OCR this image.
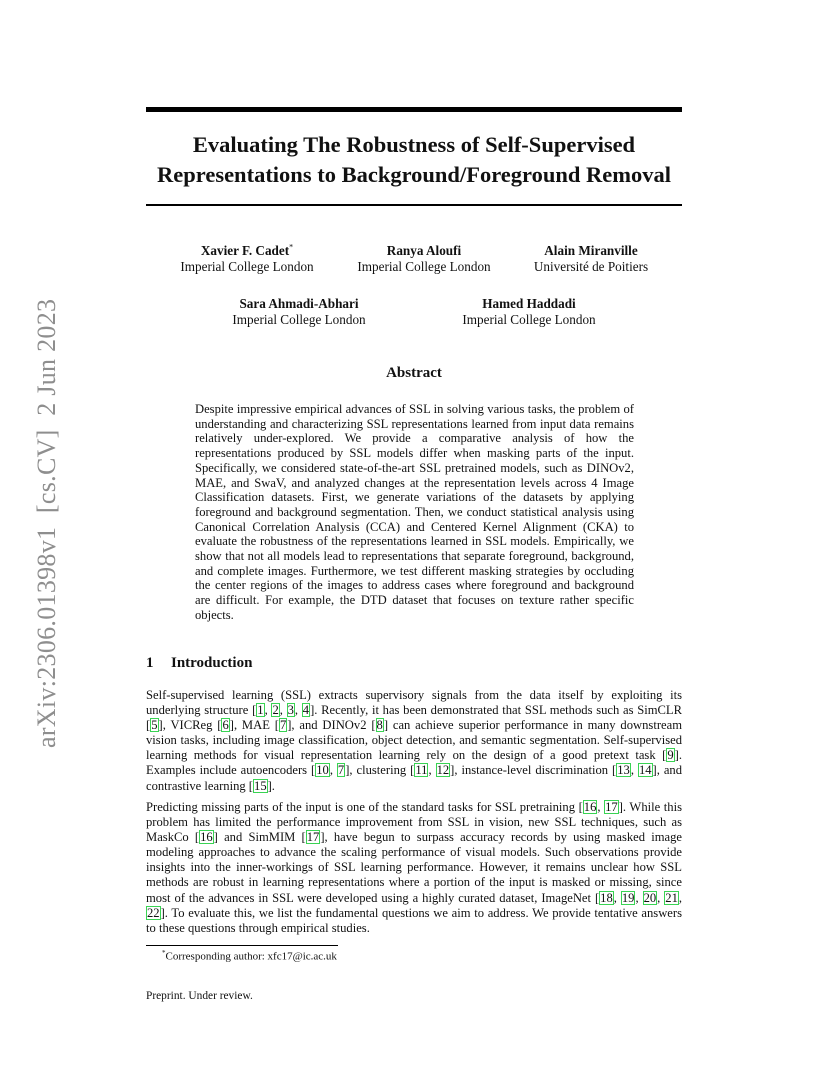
Evaluating The Robustness of Self-Supervised
Representations to Background/Foreground Removal
Xavier F. Cadet*
Imperial College London
Ranya Aloufi
Imperial College London
Alain Miranville
Université de Poitiers
Sara Ahmadi-Abhari
Imperial College London
Hamed Haddadi
Imperial College London
arXiv:2306.01398v1  [cs.CV]  2 Jun 2023	Abstract
Despite impressive empirical advances of SSL in solving various tasks, the problem of understanding and characterizing SSL representations learned from input data remains relatively under-explored. We provide a comparative analysis of how the representations produced by SSL models differ when masking parts of the input. Specifically, we considered state-of-the-art SSL pretrained models, such as DINOv2, MAE, and SwaV, and analyzed changes at the representation levels across 4 Image Classification datasets. First, we generate variations of the datasets by applying foreground and background segmentation. Then, we conduct statistical analysis using Canonical Correlation Analysis (CCA) and Centered Kernel Alignment (CKA) to evaluate the robustness of the representations learned in SSL models. Empirically, we show that not all models lead to representations that separate foreground, background, and complete images. Furthermore, we test different masking strategies by occluding the center regions of the images to address cases where foreground and background are difficult. For example, the DTD dataset that focuses on texture rather specific objects.
1 Introduction
Self-supervised learning (SSL) extracts supervisory signals from the data itself by exploiting its underlying structure [1, 2, 3, 4]. Recently, it has been demonstrated that SSL methods such as SimCLR [5], VICReg [6], MAE [7], and DINOv2 [8] can achieve superior performance in many downstream vision tasks, including image classification, object detection, and semantic segmentation. Self-supervised learning methods for visual representation learning rely on the design of a good pretext task [9]. Examples include autoencoders [10, 7], clustering [11, 12], instance-level discrimination [13, 14], and contrastive learning [15].
Predicting missing parts of the input is one of the standard tasks for SSL pretraining [16, 17]. While this problem has limited the performance improvement from SSL in vision, new SSL techniques, such as MaskCo [16] and SimMIM [17], have begun to surpass accuracy records by using masked image modeling approaches to advance the scaling performance of visual models. Such observations provide insights into the inner-workings of SSL learning performance. However, it remains unclear how SSL methods are robust in learning representations where a portion of the input is masked or missing, since most of the advances in SSL were developed using a highly curated dataset, ImageNet [18, 19, 20, 21, 22]. To evaluate this, we list the fundamental questions we aim to address. We provide tentative answers to these questions through empirical studies.
*Corresponding author: xfc17@ic.ac.uk
Preprint. Under review.
